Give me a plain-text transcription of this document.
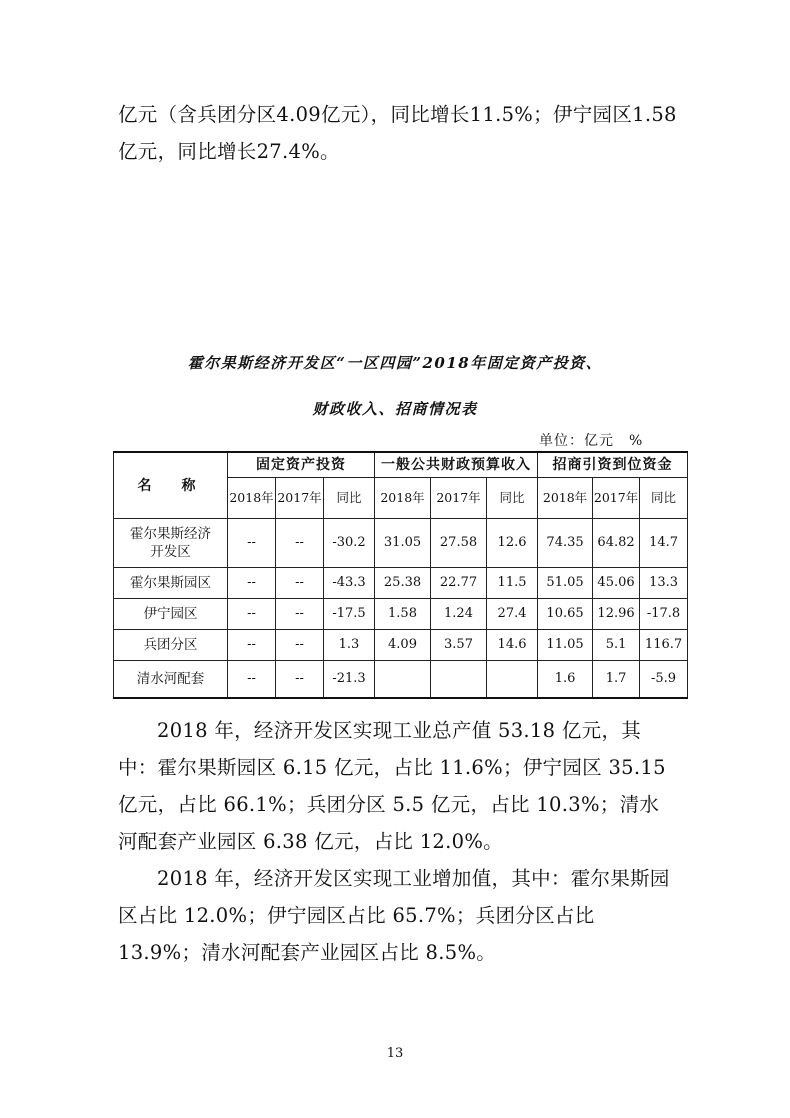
亿元（含兵团分区4.09亿元），同比增长11.5%；伊宁园区1.58亿元，同比增长27.4%。

霍尔果斯经济开发区“一区四园”2018年固定资产投资、

财政收入、招商情况表

单位：亿元　%
名　称	固定资产投资			一般公共财政预算收入			招商引资到位资金		
	2018年	2017年	同比	2018年	2017年	同比	2018年	2017年	同比
霍尔果斯经济开发区	--	--	-30.2	31.05	27.58	12.6	74.35	64.82	14.7
霍尔果斯园区	--	--	-43.3	25.38	22.77	11.5	51.05	45.06	13.3
伊宁园区	--	--	-17.5	1.58	1.24	27.4	10.65	12.96	-17.8
兵团分区	--	--	1.3	4.09	3.57	14.6	11.05	5.1	116.7
清水河配套	--	--	-21.3				1.6	1.7	-5.9

2018 年，经济开发区实现工业总产值 53.18 亿元，其中：霍尔果斯园区 6.15 亿元，占比 11.6%；伊宁园区 35.15 亿元，占比 66.1%；兵团分区 5.5 亿元，占比 10.3%；清水河配套产业园区 6.38 亿元，占比 12.0%。

2018 年，经济开发区实现工业增加值，其中：霍尔果斯园区占比 12.0%；伊宁园区占比 65.7%；兵团分区占比 13.9%；清水河配套产业园区占比 8.5%。

13
